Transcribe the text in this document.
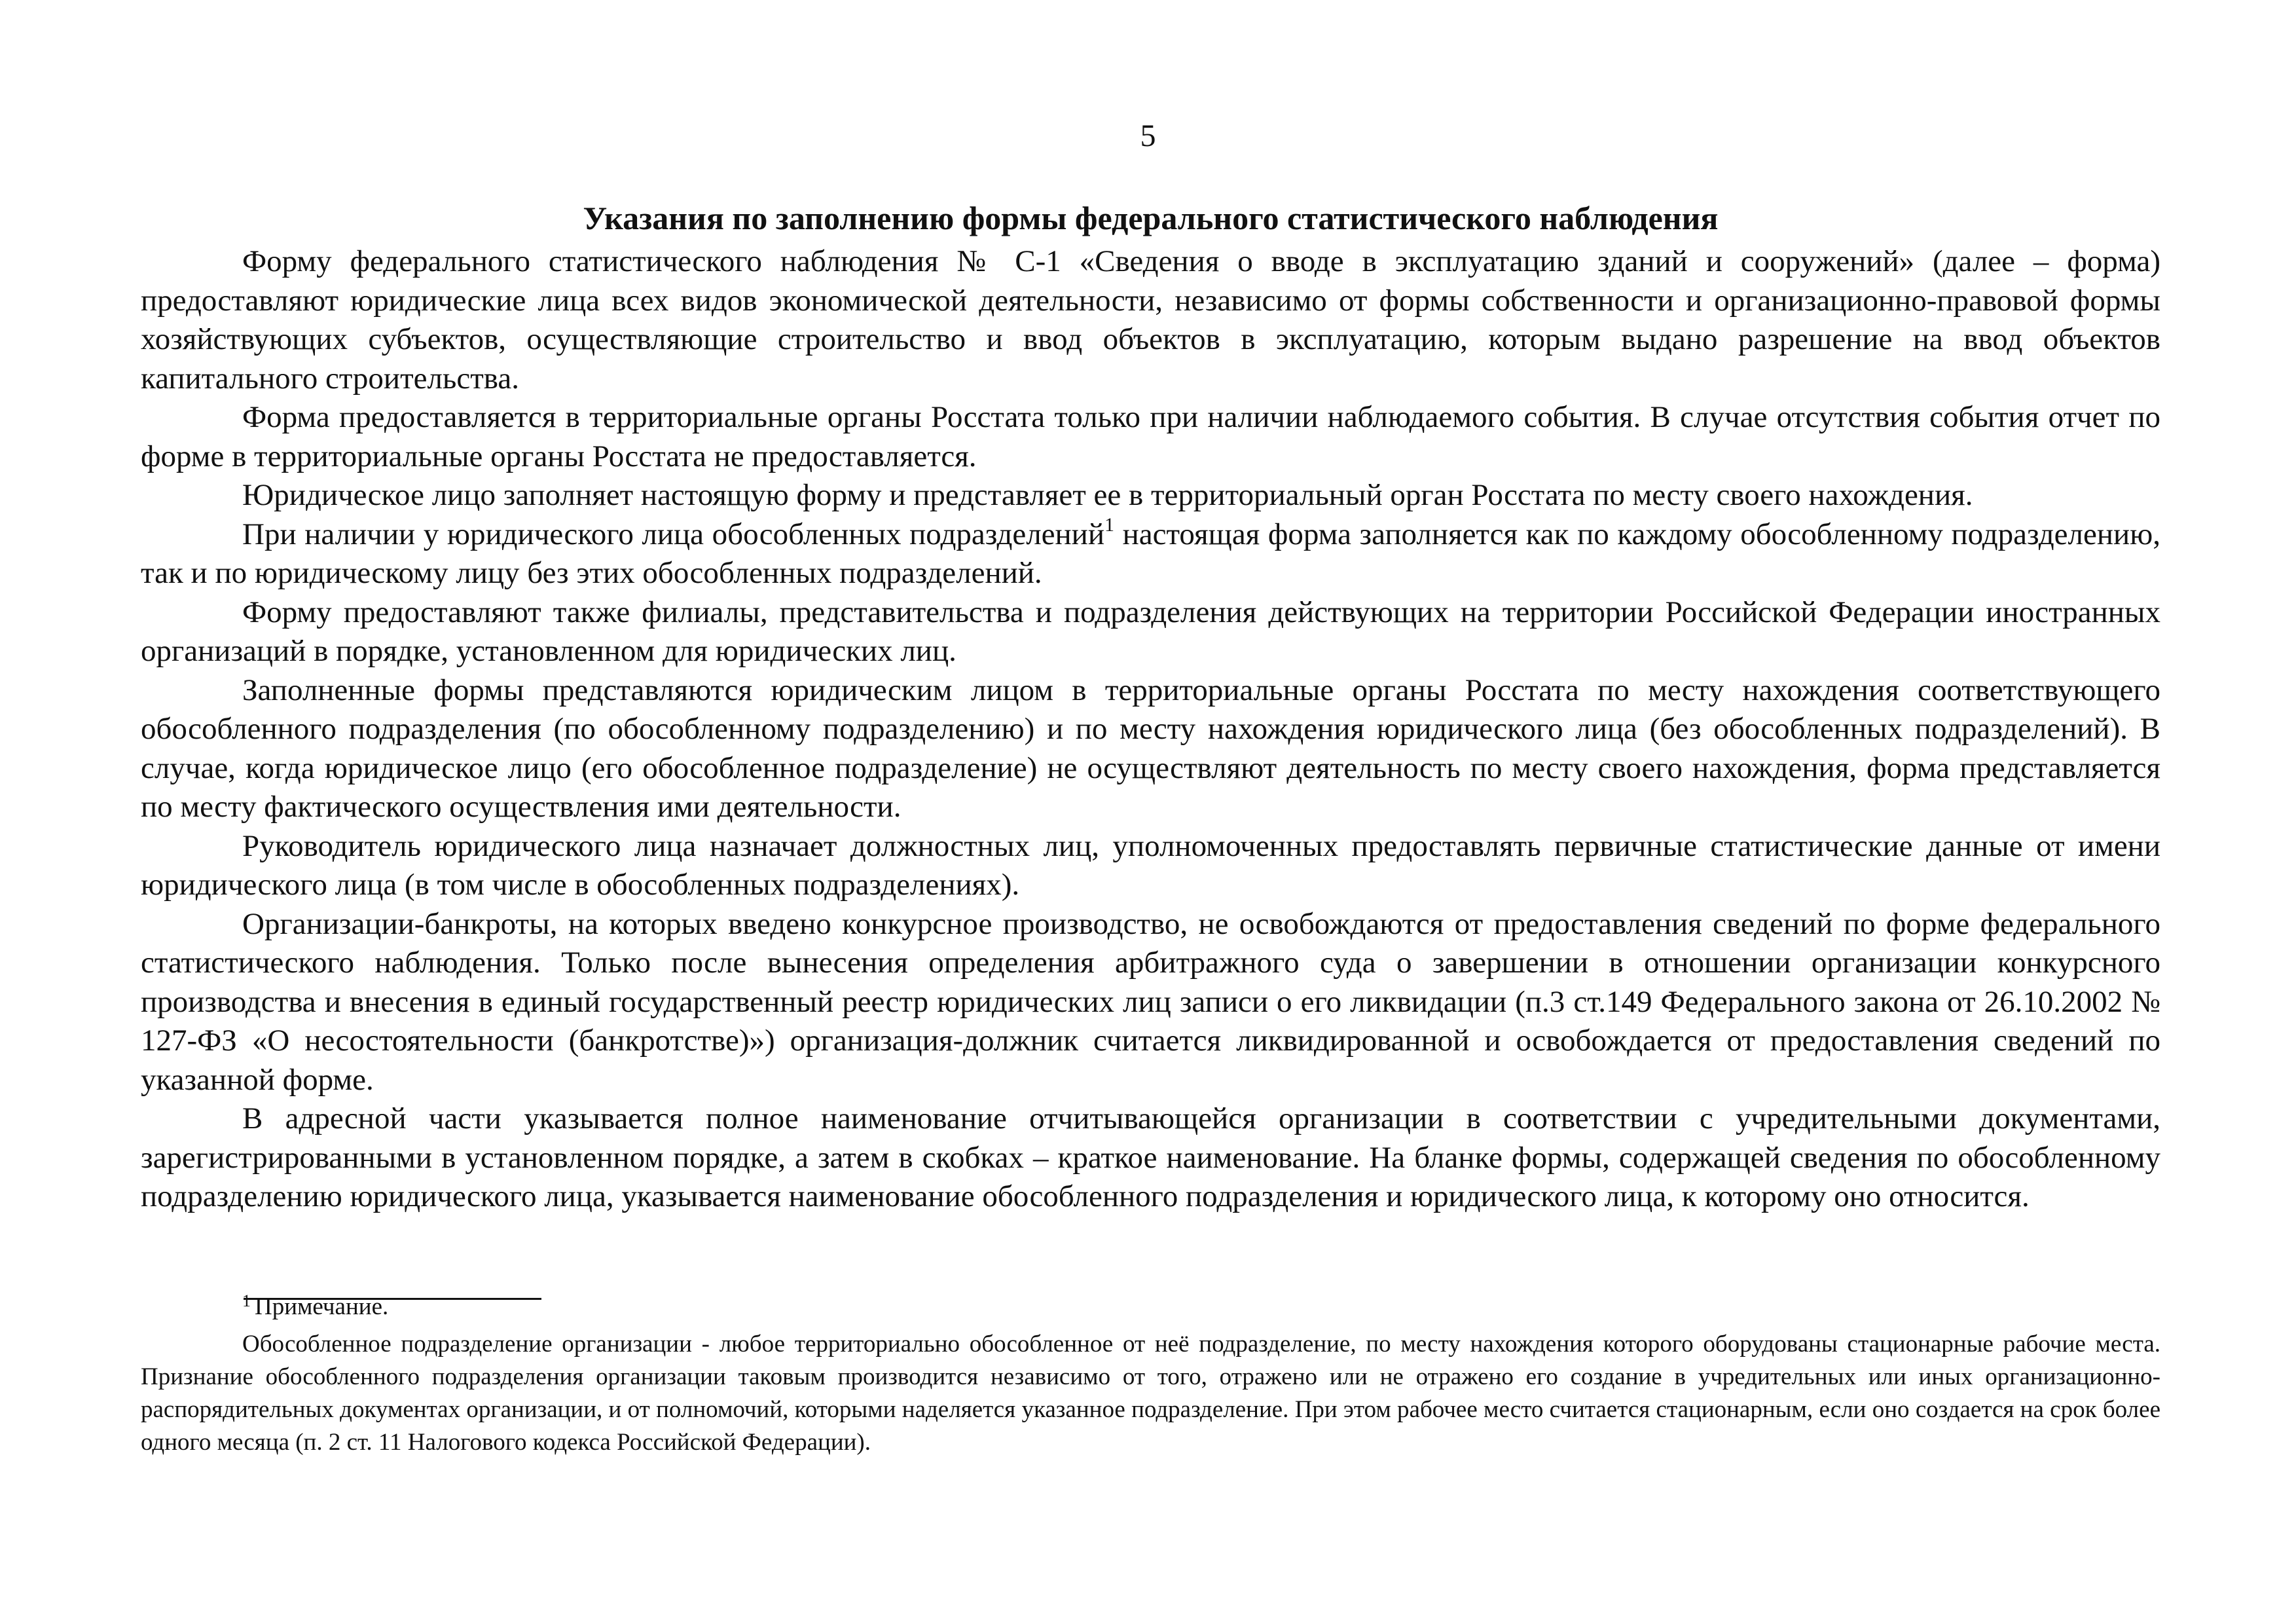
5
Указания по заполнению формы федерального статистического наблюдения

Форму федерального статистического наблюдения № С-1 «Сведения о вводе в эксплуатацию зданий и сооружений» (далее – форма) предоставляют юридические лица всех видов экономической деятельности, независимо от формы собственности и организационно-правовой формы хозяйствующих субъектов, осуществляющие строительство и ввод объектов в эксплуатацию, которым выдано разрешение на ввод объектов капитального строительства.

Форма предоставляется в территориальные органы Росстата только при наличии наблюдаемого события. В случае отсутствия события отчет по форме в территориальные органы Росстата не предоставляется.

Юридическое лицо заполняет настоящую форму и представляет ее в территориальный орган Росстата по месту своего нахождения.

При наличии у юридического лица обособленных подразделений$^1$ настоящая форма заполняется как по каждому обособленному подразделению, так и по юридическому лицу без этих обособленных подразделений.

Форму предоставляют также филиалы, представительства и подразделения действующих на территории Российской Федерации иностранных организаций в порядке, установленном для юридических лиц.

Заполненные формы представляются юридическим лицом в территориальные органы Росстата по месту нахождения соответствующего обособленного подразделения (по обособленному подразделению) и по месту нахождения юридического лица (без обособленных подразделений). В случае, когда юридическое лицо (его обособленное подразделение) не осуществляют деятельность по месту своего нахождения, форма представляется по месту фактического осуществления ими деятельности.

Руководитель юридического лица назначает должностных лиц, уполномоченных предоставлять первичные статистические данные от имени юридического лица (в том числе в обособленных подразделениях).

Организации-банкроты, на которых введено конкурсное производство, не освобождаются от предоставления сведений по форме федерального статистического наблюдения. Только после вынесения определения арбитражного суда о завершении в отношении организации конкурсного производства и внесения в единый государственный реестр юридических лиц записи о его ликвидации (п.3 ст.149 Федерального закона от 26.10.2002 № 127-ФЗ «О несостоятельности (банкротстве)») организация-должник считается ликвидированной и освобождается от предоставления сведений по указанной форме.

В адресной части указывается полное наименование отчитывающейся организации в соответствии с учредительными документами, зарегистрированными в установленном порядке, а затем в скобках – краткое наименование. На бланке формы, содержащей сведения по обособленному подразделению юридического лица, указывается наименование обособленного подразделения и юридического лица, к которому оно относится.

$^1$ Примечание.

Обособленное подразделение организации - любое территориально обособленное от неё подразделение, по месту нахождения которого оборудованы стационарные рабочие места. Признание обособленного подразделения организации таковым производится независимо от того, отражено или не отражено его создание в учредительных или иных организационно-распорядительных документах организации, и от полномочий, которыми наделяется указанное подразделение. При этом рабочее место считается стационарным, если оно создается на срок более одного месяца (п. 2 ст. 11 Налогового кодекса Российской Федерации).
